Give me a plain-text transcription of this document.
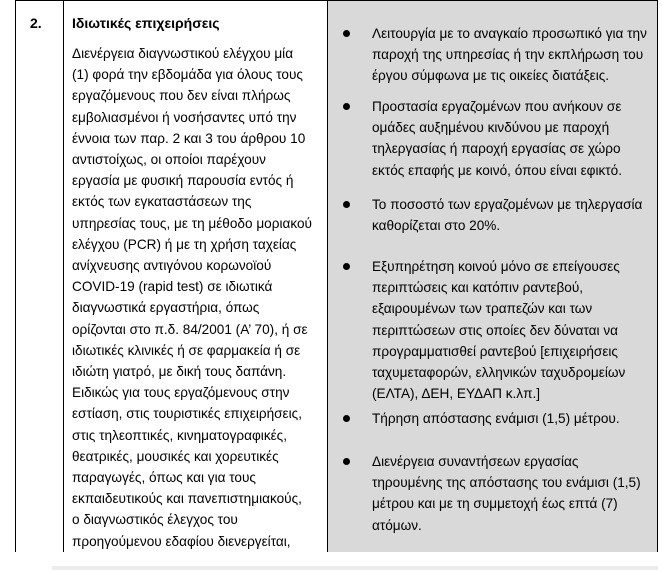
2. Ιδιωτικές επιχειρήσεις
Διενέργεια διαγνωστικού ελέγχου μία
(1) φορά την εβδομάδα για όλους τους
εργαζόμενους που δεν είναι πλήρως
εμβολιασμένοι ή νοσήσαντες υπό την
έννοια των παρ. 2 και 3 του άρθρου 10
αντιστοίχως, οι οποίοι παρέχουν
εργασία με φυσική παρουσία εντός ή
εκτός των εγκαταστάσεων της
υπηρεσίας τους, με τη μέθοδο μοριακού
ελέγχου (PCR) ή με τη χρήση ταχείας
ανίχνευσης αντιγόνου κορωνοϊού
COVID-19 (rapid test) σε ιδιωτικά
διαγνωστικά εργαστήρια, όπως
ορίζονται στο π.δ. 84/2001 (Α’ 70), ή σε
ιδιωτικές κλινικές ή σε φαρμακεία ή σε
ιδιώτη γιατρό, με δική τους δαπάνη.
Ειδικώς για τους εργαζόμενους στην
εστίαση, στις τουριστικές επιχειρήσεις,
στις τηλεοπτικές, κινηματογραφικές,
θεατρικές, μουσικές και χορευτικές
παραγωγές, όπως και για τους
εκπαιδευτικούς και πανεπιστημιακούς,
ο διαγνωστικός έλεγχος του
προηγούμενου εδαφίου διενεργείται,
Λειτουργία με το αναγκαίο προσωπικό για την
παροχή της υπηρεσίας ή την εκπλήρωση του
έργου σύμφωνα με τις οικείες διατάξεις.
Προστασία εργαζομένων που ανήκουν σε
ομάδες αυξημένου κινδύνου με παροχή
τηλεργασίας ή παροχή εργασίας σε χώρο
εκτός επαφής με κοινό, όπου είναι εφικτό.
Το ποσοστό των εργαζομένων με τηλεργασία
καθορίζεται στο 20%.
Εξυπηρέτηση κοινού μόνο σε επείγουσες
περιπτώσεις και κατόπιν ραντεβού,
εξαιρουμένων των τραπεζών και των
περιπτώσεων στις οποίες δεν δύναται να
προγραμματισθεί ραντεβού [επιχειρήσεις
ταχυμεταφορών, ελληνικών ταχυδρομείων
(ΕΛΤΑ), ΔΕΗ, ΕΥΔΑΠ κ.λπ.]
Τήρηση απόστασης ενάμισι (1,5) μέτρου.
Διενέργεια συναντήσεων εργασίας
τηρουμένης της απόστασης του ενάμισι (1,5)
μέτρου και με τη συμμετοχή έως επτά (7)
ατόμων.
